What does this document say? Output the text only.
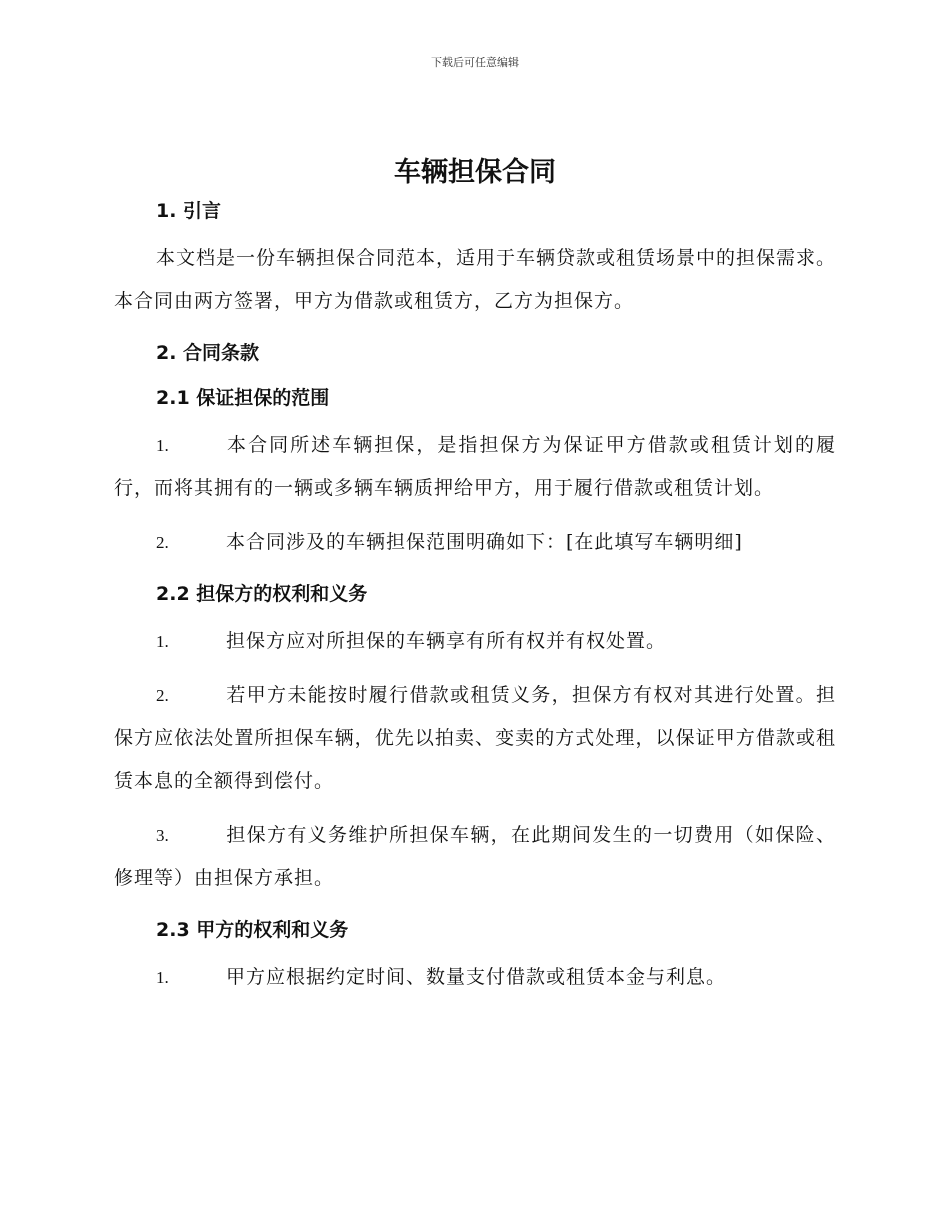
下载后可任意编辑
车辆担保合同
1. 引言

本文档是一份车辆担保合同范本，适用于车辆贷款或租赁场景中的担保需求。本合同由两方签署，甲方为借款或租赁方，乙方为担保方。

2. 合同条款
2.1 保证担保的范围

1.	本合同所述车辆担保，是指担保方为保证甲方借款或租赁计划的履行，而将其拥有的一辆或多辆车辆质押给甲方，用于履行借款或租赁计划。

2.	本合同涉及的车辆担保范围明确如下：[在此填写车辆明细]

2.2 担保方的权利和义务

1.	担保方应对所担保的车辆享有所有权并有权处置。

2.	若甲方未能按时履行借款或租赁义务，担保方有权对其进行处置。担保方应依法处置所担保车辆，优先以拍卖、变卖的方式处理，以保证甲方借款或租赁本息的全额得到偿付。

3.	担保方有义务维护所担保车辆，在此期间发生的一切费用（如保险、修理等）由担保方承担。

2.3 甲方的权利和义务

1.	甲方应根据约定时间、数量支付借款或租赁本金与利息。
